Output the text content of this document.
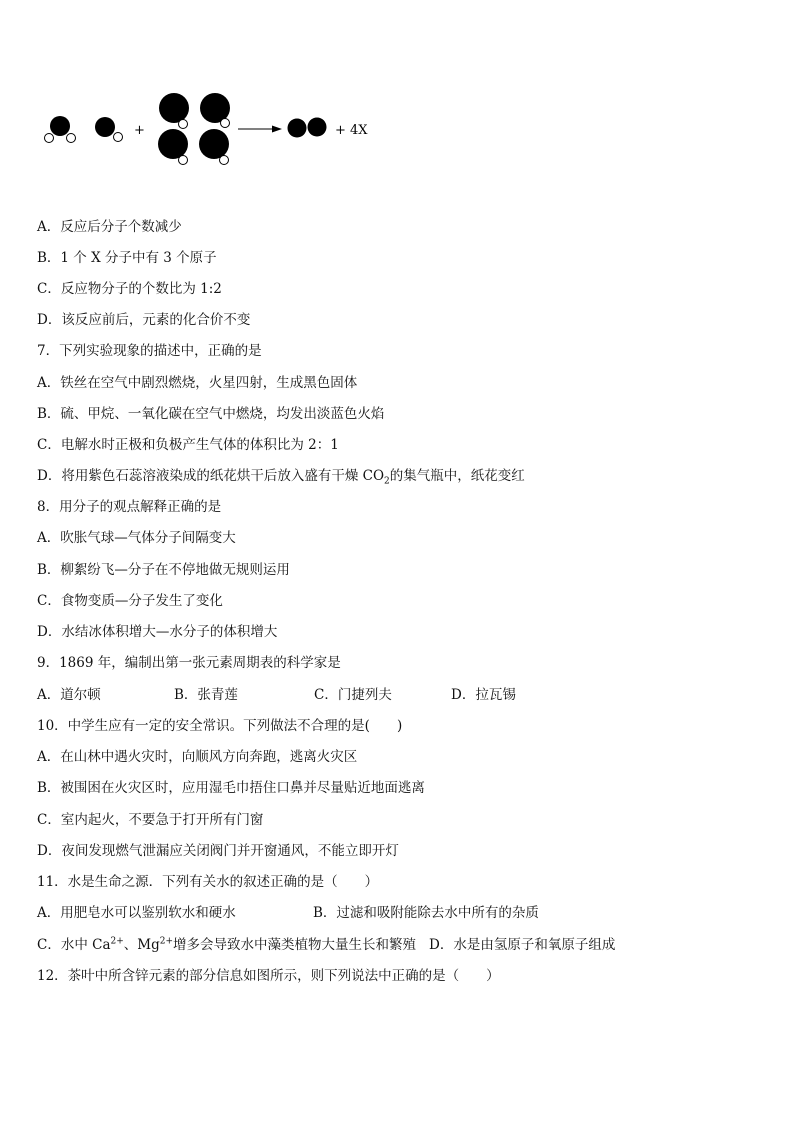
+	+ 4X
A．反应后分子个数减少
B．1 个 X 分子中有 3 个原子
C．反应物分子的个数比为 1:2
D．该反应前后，元素的化合价不变
7．下列实验现象的描述中，正确的是
A．铁丝在空气中剧烈燃烧，火星四射，生成黑色固体
B．硫、甲烷、一氧化碳在空气中燃烧，均发出淡蓝色火焰
C．电解水时正极和负极产生气体的体积比为 2：1
D．将用紫色石蕊溶液染成的纸花烘干后放入盛有干燥 $CO_2$的集气瓶中，纸花变红
8．用分子的观点解释正确的是
A．吹胀气球—气体分子间隔变大
B．柳絮纷飞—分子在不停地做无规则运用
C．食物变质—分子发生了变化
D．水结冰体积增大—水分子的体积增大
9．1869 年，编制出第一张元素周期表的科学家是
A．道尔顿	B．张青莲	C．门捷列夫	D．拉瓦锡
10．中学生应有一定的安全常识。下列做法不合理的是(　　)
A．在山林中遇火灾时，向顺风方向奔跑，逃离火灾区
B．被围困在火灾区时，应用湿毛巾捂住口鼻并尽量贴近地面逃离
C．室内起火，不要急于打开所有门窗
D．夜间发现燃气泄漏应关闭阀门并开窗通风，不能立即开灯
11．水是生命之源．下列有关水的叙述正确的是（　　）
A．用肥皂水可以鉴别软水和硬水	B．过滤和吸附能除去水中所有的杂质
C．水中 $Ca^{2+}$、$Mg^{2+}$增多会导致水中藻类植物大量生长和繁殖 D．水是由氢原子和氧原子组成
12．茶叶中所含锌元素的部分信息如图所示，则下列说法中正确的是（　　）
